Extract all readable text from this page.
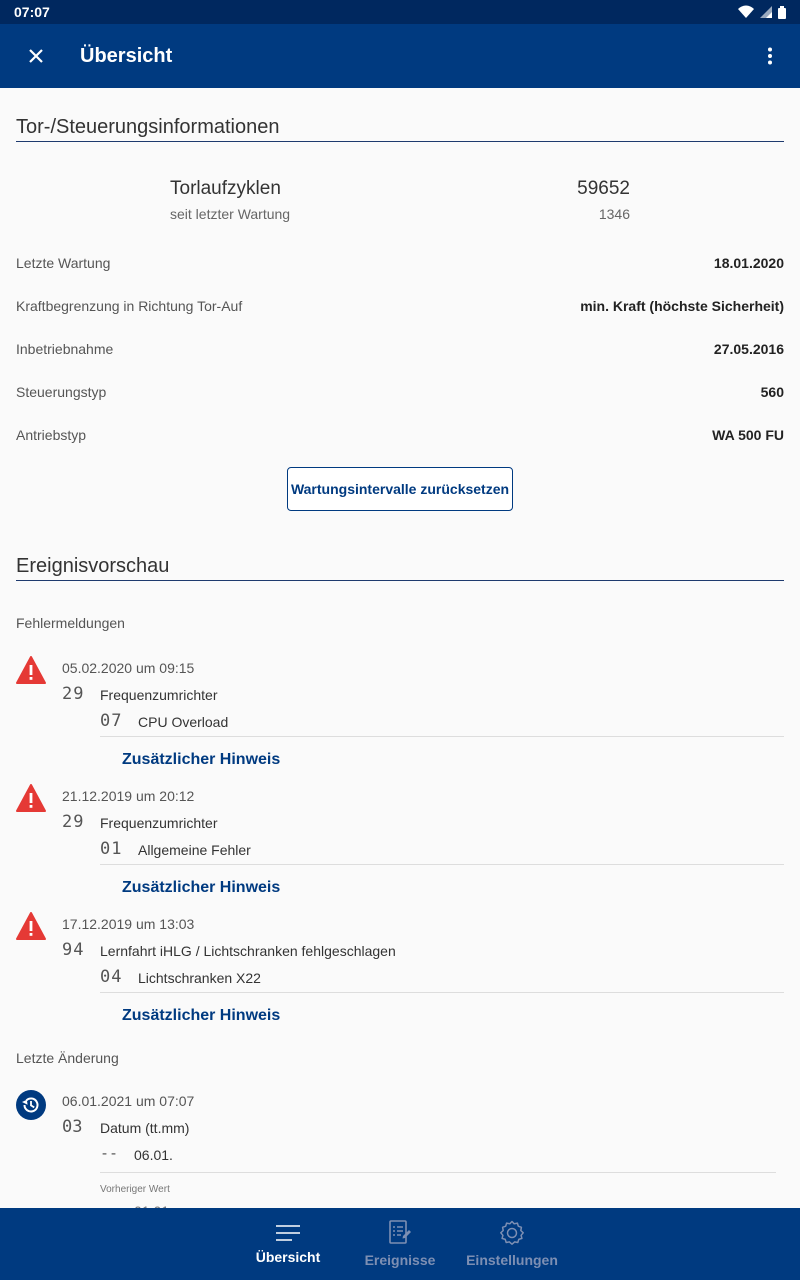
07:07
Übersicht
Tor-/Steuerungsinformationen
Torlaufzyklen	59652
seit letzter Wartung	1346
Letzte Wartung	18.01.2020
Kraftbegrenzung in Richtung Tor-Auf	min. Kraft (höchste Sicherheit)
Inbetriebnahme	27.05.2016
Steuerungstyp	560
Antriebstyp	WA 500 FU
Wartungsintervalle zurücksetzen
Ereignisvorschau
Fehlermeldungen
05.02.2020 um 09:15
29 Frequenzumrichter
07 CPU Overload
Zusätzlicher Hinweis
21.12.2019 um 20:12
29 Frequenzumrichter
01 Allgemeine Fehler
Zusätzlicher Hinweis
17.12.2019 um 13:03
94 Lernfahrt iHLG / Lichtschranken fehlgeschlagen
04 Lichtschranken X22
Zusätzlicher Hinweis
Letzte Änderung
06.01.2021 um 07:07
03 Datum (tt.mm)
-- 06.01.
Vorheriger Wert
Übersicht	Ereignisse Einstellungen
